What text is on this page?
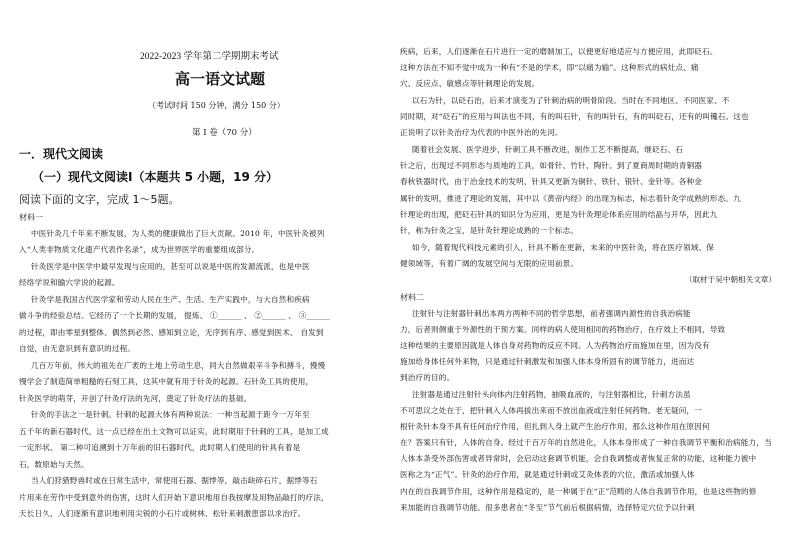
2022-2023 学年第二学期期末考试
高一语文试题
（考试时间 150 分钟，满分 150 分）
第 I 卷（70 分）
一．现代文阅读
（一）现代文阅读Ⅰ（本题共 5 小题，19 分）
阅读下面的文字，完成 1～5题。
材料一
中医针灸几千年来不断发展，为人类的健康做出了巨大贡献。2010 年，中医针灸被列
入“人类非物质文化遗产代表作名录”，成为世界医学的重要组成部分。
针灸医学是中医学中最早发现与应用的，甚至可以说是中医的发源流派，也是中医
经络学说和腧穴学说的起源。
针灸学是我国古代医学家和劳动人民在生产、生活、生产实践中，与大自然和疾病
做斗争的经验总结。它经历了一个长期的发展， 提炼、 ①______ 、 ②______ 、 ③______
的过程，即由零星到整体、偶然到必然、感知到立论，无序到有序、感觉到医术、 自发到
自觉，由无意识到有意识的过程。
几百万年前，伟大的祖先在广袤的土地上劳动生息，同大自然做艰辛斗争和搏斗，慢慢
慢学会了制造简单粗糙的石刻工具，这其中就有用于针灸的起源。石针灸工具的使用，
针灸医学的萌芽，开创了针灸疗法的先河，奠定了针灸疗法的基础。
针灸的手法之一是针刺。针刺的起源大体有两种说法：一种当起源于距今一万年至
五千年的新石器时代，这一点已经在出土文物可以证实，此时期用于针刺的工具，是加工成
一定形状、 第二种可追溯到十万年前的旧石器时代，此时期人们使用的针具有着是
石，数原始与天然。
当人们狩猎野兽时或在日常生活中，常使用石器、据悸等，敲击缺碎石片，据悸等石
片用来在劳作中受到意外的伤害，这时人们开始下意识地用自我按摩及用物品敲打的疗法，
天长日久，人们逐渐有意识地利用尖锐的小石片或树林、松针来刺激患部以求治疗。
疾病，后来，人们逐渐在石片进行一定的磨制加工，以便更好地适应与方便应用，此即砭石。
这种方法在不知不觉中成为一种有“不是的学术，即“以痛为输”。这种形式的病灶点、痛
穴、反应点、敏感点等针刺理论的发展。
以石为针，以砭石治，后来才演变为了针刺治病的明骨阶段。当时在不同地区、不同医家、不
同时期，对“砭石”的应用与叫法也不同，有的叫石针，有的叫针石，有的叫砭石，还有的叫镵石。这也
正说明了以针灸治疗为代表的中医外治的先河。
随着社会发展、医学进步，针刺工具不断改进，制作工艺不断提高，继砭石、石
针之后，出现过不同形态与质地的工具，如骨针、竹针、陶针。到了夏商周时期的青铜器
春秋铁器时代，由于冶金技术的发明，针具又更新为铜针、铁针、银针、金针等。各种金
属针的发明，推进了理论的发展，其中以《黄帝内经》的出现为标志，标志着针灸学成熟的形态。九
针理论的出现，把砭石针具的知识分为应用，更是为针灸理论体系应用的结晶与开华，因此九
针，称为针灸之宝，是针灸针理论成熟的一个标志。
如今，随着现代科技元素的引入，针具不断在更新，未来的中医针灸，将在医疗领域、保
健领域等，有着广阔的发展空间与无限的应用前景。
（取材于吴中朝相关文章）
材料二
注射针与注射器针刺出本两方两种不同的哲学思想，前者强调内源性的自我治病能
力，后者则侧重于外源性的干预方案。同样的病人使用相同的药物治疗，在疗效上不相同，导致
这种结果的主要原因就是人体自身对药物的反应不同。人为药物治疗而施加在里，因为没有
施加给身体任何外来物，只是通过针刺激发和加强人体本身所固有的调节能力，进而达
到治疗的目的。
注射器是通过注射针头向体内注射药物，抽吸血液的，与注射器相比，针刺方法虽
不可思议之处在于，把针刺入人体再拔出来而不放出血液或注射任何药物。老无疑问，一
根针灸针本身不具有任何治疗作用，但扎到人身上就产生治疗作用，那么这种作用在原因何
在？答案只有针，人体的自身。经过千百万年的自然进化，人体本身形成了一种自我调节平衡和治病能力，当
人体本条受外部伤害或者异常时，会启动这套调节机能，会自我调整或者恢复正常的功能，这种能力被中
医称之为“正气”。针灸的治疗作用，就是通过针刺或艾灸体表的穴位，激活或加强人体
内在的自我调节作用，这种作用是稳定的，是一种属于在“正”范畴的人体自我调节作用，也是这些物的修
来加能的自我调节功能。很多患者在“冬至”节气前后根据病情，选择特定穴位予以针刺
